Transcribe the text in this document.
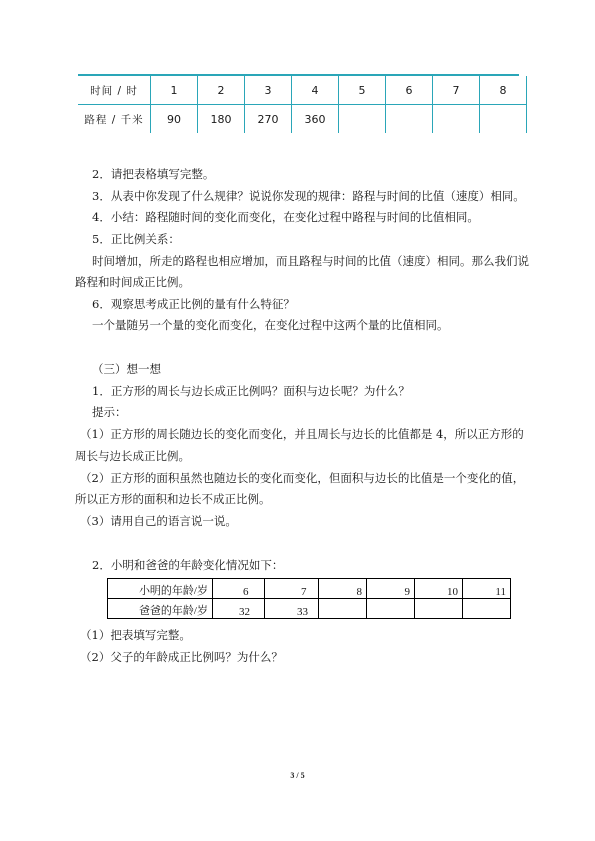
时间 / 时	1	2	3	4	5	6	7	8
路程 / 千米	90	180	270	360				
2．请把表格填写完整。
3．从表中你发现了什么规律？说说你发现的规律：路程与时间的比值（速度）相同。
4．小结：路程随时间的变化而变化，在变化过程中路程与时间的比值相同。
5．正比例关系：
时间增加，所走的路程也相应增加，而且路程与时间的比值（速度）相同。那么我们说
路程和时间成正比例。
6．观察思考成正比例的量有什么特征？
一个量随另一个量的变化而变化，在变化过程中这两个量的比值相同。
（三）想一想
1．正方形的周长与边长成正比例吗？面积与边长呢？为什么？
提示：
（1）正方形的周长随边长的变化而变化，并且周长与边长的比值都是 4，所以正方形的
周长与边长成正比例。
（2）正方形的面积虽然也随边长的变化而变化，但面积与边长的比值是一个变化的值，
所以正方形的面积和边长不成正比例。
（3）请用自己的语言说一说。
2．小明和爸爸的年龄变化情况如下：
小明的年龄/岁	6	7	8	9	10	11
爸爸的年龄/岁	32	33				
（1）把表填写完整。
（2）父子的年龄成正比例吗？为什么？
3 / 5
